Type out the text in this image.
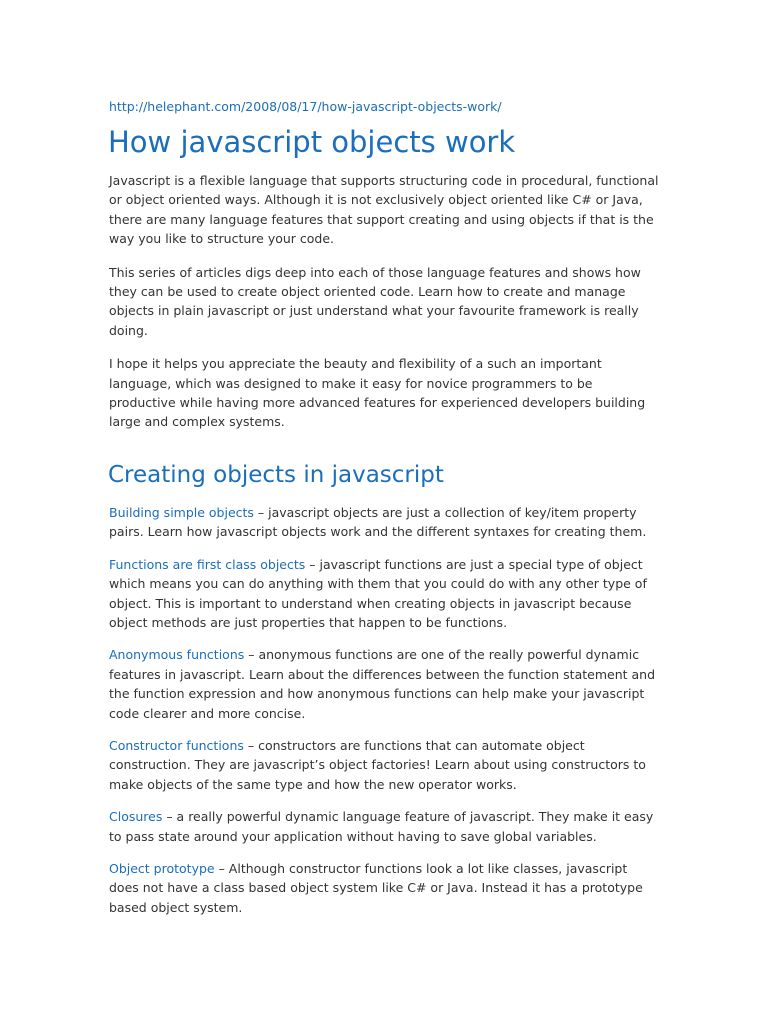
http://helephant.com/2008/08/17/how-javascript-objects-work/
How javascript objects work

Javascript is a flexible language that supports structuring code in procedural, functional or object oriented ways. Although it is not exclusively object oriented like C# or Java, there are many language features that support creating and using objects if that is the way you like to structure your code.

This series of articles digs deep into each of those language features and shows how they can be used to create object oriented code. Learn how to create and manage objects in plain javascript or just understand what your favourite framework is really doing.

I hope it helps you appreciate the beauty and flexibility of a such an important language, which was designed to make it easy for novice programmers to be productive while having more advanced features for experienced developers building large and complex systems.

Creating objects in javascript

Building simple objects – javascript objects are just a collection of key/item property pairs. Learn how javascript objects work and the different syntaxes for creating them.

Functions are first class objects – javascript functions are just a special type of object which means you can do anything with them that you could do with any other type of object. This is important to understand when creating objects in javascript because object methods are just properties that happen to be functions.

Anonymous functions – anonymous functions are one of the really powerful dynamic features in javascript. Learn about the differences between the function statement and the function expression and how anonymous functions can help make your javascript code clearer and more concise.

Constructor functions – constructors are functions that can automate object construction. They are javascript’s object factories! Learn about using constructors to make objects of the same type and how the new operator works.

Closures – a really powerful dynamic language feature of javascript. They make it easy to pass state around your application without having to save global variables.

Object prototype – Although constructor functions look a lot like classes, javascript does not have a class based object system like C# or Java. Instead it has a prototype based object system.
